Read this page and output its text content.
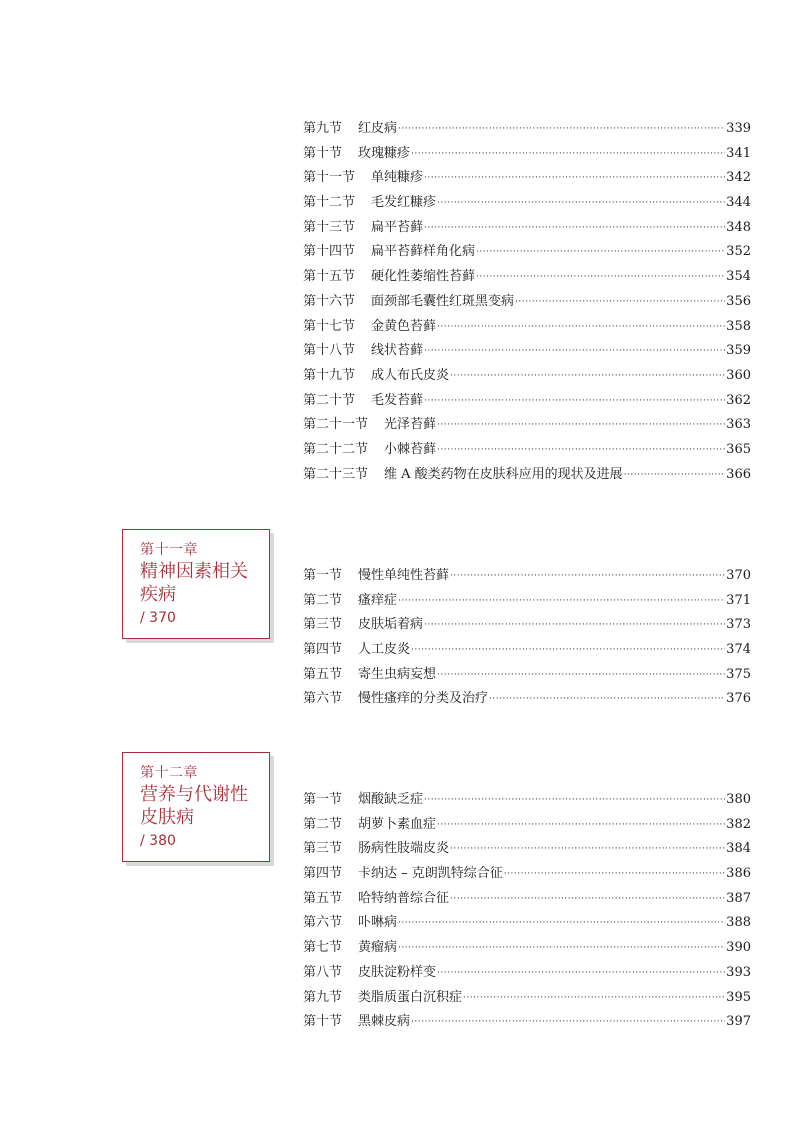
第九节 红皮病 ·····	339
第十节 玫瑰糠疹 ·····	341
第十一节 单纯糠疹 ·····	342
第十二节 毛发红糠疹 ·····	344
第十三节 扁平苔藓 ·····	348
第十四节 扁平苔藓样角化病 ·····	352
第十五节 硬化性萎缩性苔藓 ·····	354
第十六节 面颈部毛囊性红斑黑变病 ·····	356
第十七节 金黄色苔藓 ·····	358
第十八节 线状苔藓 ·····	359
第十九节 成人布氏皮炎 ·····	360
第二十节 毛发苔藓 ·····	362
第二十一节 光泽苔藓 ·····	363
第二十二节 小棘苔藓 ·····	365
第二十三节 维 A 酸类药物在皮肤科应用的现状及进展 ·····	366
第十一章
精神因素相关
疾病
/ 370
第一节 慢性单纯性苔藓 ·····	370
第二节 瘙痒症 ·····	371
第三节 皮肤垢着病 ·····	373
第四节 人工皮炎 ·····	374
第五节 寄生虫病妄想 ·····	375
第六节 慢性瘙痒的分类及治疗 ·····	376
第十二章
营养与代谢性
皮肤病
/ 380
第一节 烟酸缺乏症 ·····	380
第二节 胡萝卜素血症 ·····	382
第三节 肠病性肢端皮炎 ·····	384
第四节 卡纳达 – 克朗凯特综合征 ·····	386
第五节 哈特纳普综合征 ·····	387
第六节 卟啉病 ·····	388
第七节 黄瘤病 ·····	390
第八节 皮肤淀粉样变 ·····	393
第九节 类脂质蛋白沉积症 ·····	395
第十节 黑棘皮病 ·····	397
